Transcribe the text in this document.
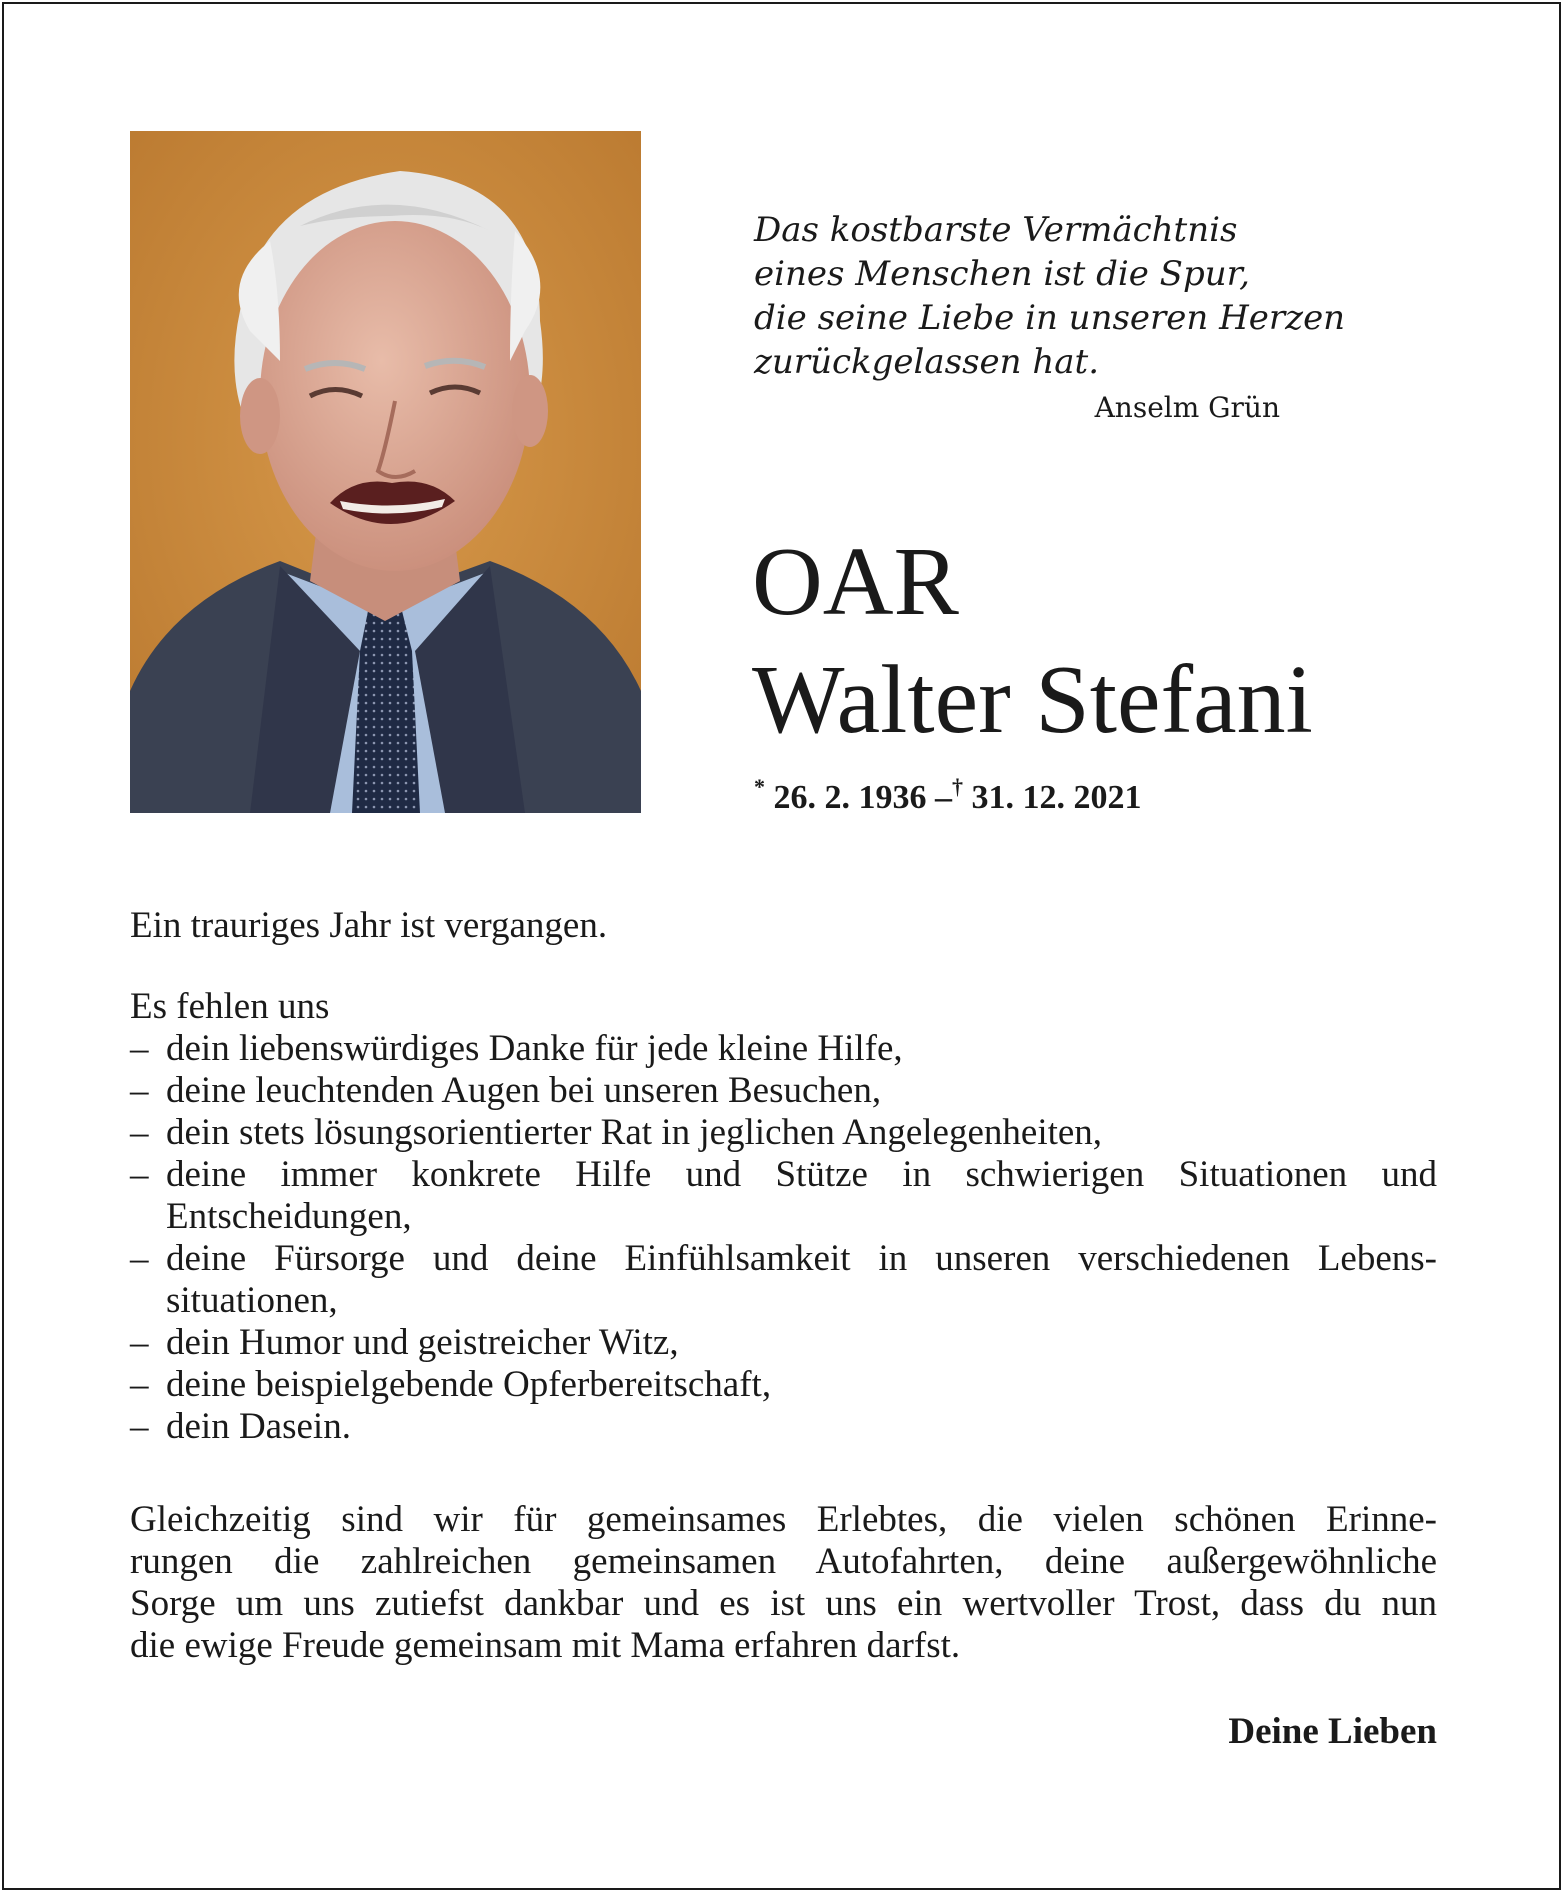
Das kostbarste Vermächtnis
eines Menschen ist die Spur,
die seine Liebe in unseren Herzen
zurückgelassen hat.
Anselm Grün
OAR
Walter Stefani
* 26. 2. 1936 –† 31. 12. 2021
Ein trauriges Jahr ist vergangen.
Es fehlen uns
– dein liebenswürdiges Danke für jede kleine Hilfe,
– deine leuchtenden Augen bei unseren Besuchen,
– dein stets lösungsorientierter Rat in jeglichen Angelegenheiten,
– deine immer konkrete Hilfe und Stütze in schwierigen Situationen und Entscheidungen,
– deine Fürsorge und deine Einfühlsamkeit in unseren verschiedenen Lebenssituationen,
– dein Humor und geistreicher Witz,
– deine beispielgebende Opferbereitschaft,
– dein Dasein.
Gleichzeitig sind wir für gemeinsames Erlebtes, die vielen schönen Erinne-
rungen die zahlreichen gemeinsamen Autofahrten, deine außergewöhnliche
Sorge um uns zutiefst dankbar und es ist uns ein wertvoller Trost, dass du nun
die ewige Freude gemeinsam mit Mama erfahren darfst.
Deine Lieben
